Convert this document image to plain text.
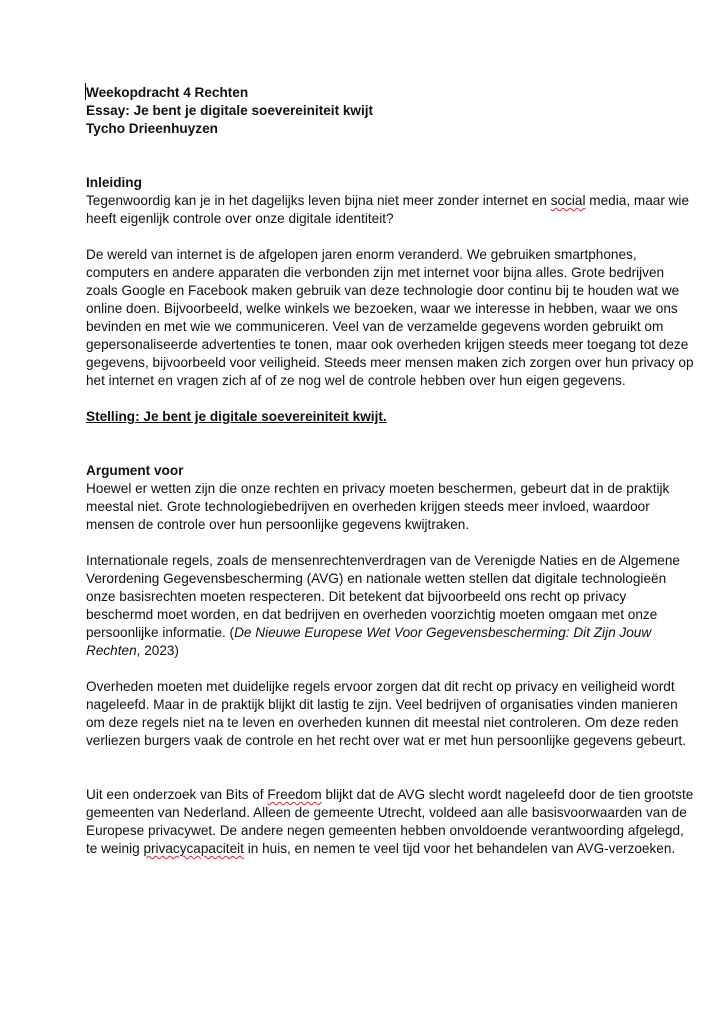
Weekopdracht 4 Rechten
Essay: Je bent je digitale soevereiniteit kwijt
Tycho Drieenhuyzen
Inleiding

Tegenwoordig kan je in het dagelijks leven bijna niet meer zonder internet en social media, maar wie heeft eigenlijk controle over onze digitale identiteit?

De wereld van internet is de afgelopen jaren enorm veranderd. We gebruiken smartphones, computers en andere apparaten die verbonden zijn met internet voor bijna alles. Grote bedrijven zoals Google en Facebook maken gebruik van deze technologie door continu bij te houden wat we online doen. Bijvoorbeeld, welke winkels we bezoeken, waar we interesse in hebben, waar we ons bevinden en met wie we communiceren. Veel van de verzamelde gegevens worden gebruikt om gepersonaliseerde advertenties te tonen, maar ook overheden krijgen steeds meer toegang tot deze gegevens, bijvoorbeeld voor veiligheid. Steeds meer mensen maken zich zorgen over hun privacy op het internet en vragen zich af of ze nog wel de controle hebben over hun eigen gegevens.

Stelling: Je bent je digitale soevereiniteit kwijt.
Argument voor

Hoewel er wetten zijn die onze rechten en privacy moeten beschermen, gebeurt dat in de praktijk meestal niet. Grote technologiebedrijven en overheden krijgen steeds meer invloed, waardoor mensen de controle over hun persoonlijke gegevens kwijtraken.

Internationale regels, zoals de mensenrechtenverdragen van de Verenigde Naties en de Algemene Verordening Gegevensbescherming (AVG) en nationale wetten stellen dat digitale technologieën onze basisrechten moeten respecteren. Dit betekent dat bijvoorbeeld ons recht op privacy beschermd moet worden, en dat bedrijven en overheden voorzichtig moeten omgaan met onze persoonlijke informatie. (De Nieuwe Europese Wet Voor Gegevensbescherming: Dit Zijn Jouw Rechten, 2023)

Overheden moeten met duidelijke regels ervoor zorgen dat dit recht op privacy en veiligheid wordt nageleefd. Maar in de praktijk blijkt dit lastig te zijn. Veel bedrijven of organisaties vinden manieren om deze regels niet na te leven en overheden kunnen dit meestal niet controleren. Om deze reden verliezen burgers vaak de controle en het recht over wat er met hun persoonlijke gegevens gebeurt.

Uit een onderzoek van Bits of Freedom blijkt dat de AVG slecht wordt nageleefd door de tien grootste gemeenten van Nederland. Alleen de gemeente Utrecht, voldeed aan alle basisvoorwaarden van de Europese privacywet. De andere negen gemeenten hebben onvoldoende verantwoording afgelegd, te weinig privacycapaciteit in huis, en nemen te veel tijd voor het behandelen van AVG-verzoeken.
